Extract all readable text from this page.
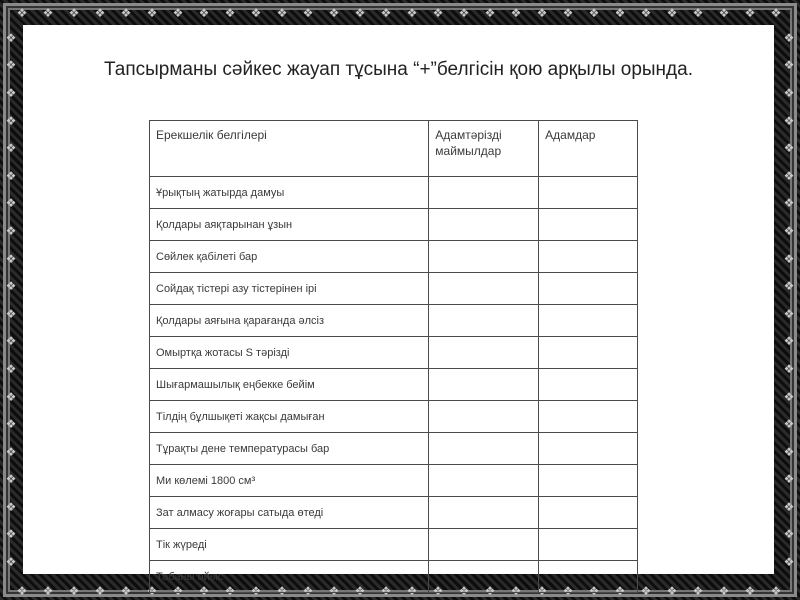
❖ ❖ ❖ ❖ ❖ ❖ ❖ ❖ ❖ ❖ ❖ ❖ ❖ ❖ ❖ ❖ ❖ ❖ ❖ ❖ ❖ ❖ ❖ ❖ ❖ ❖ ❖ ❖ ❖ ❖
❖ ❖ ❖ ❖ ❖ ❖ ❖ ❖ ❖ ❖ ❖ ❖ ❖ ❖ ❖ ❖ ❖ ❖ ❖ ❖ ❖ ❖ ❖ ❖ ❖ ❖ ❖ ❖ ❖ ❖
❖
❖
❖
❖
❖
❖
❖
❖
❖
❖
❖
❖
❖
❖
❖
❖
❖
❖
❖
❖
❖
❖
❖
❖
❖
❖
❖
❖
❖
❖
❖
❖
❖
❖
❖
❖
❖
❖
❖
❖
Тапсырманы сәйкес жауап тұсына “+”белгісін қою арқылы орында.
Ерекшелік белгілері	Адамтәрізді маймылдар	Адамдар
Ұрықтың жатырда дамуы		
Қолдары аяқтарынан ұзын		
Сөйлек қабілеті бар		
Сойдақ тістері азу тістерінен ірі		
Қолдары аяғына қарағанда әлсіз		
Омыртқа жотасы S тәрізді		
Шығармашылық еңбекке бейім		
Тілдің бұлшықеті жақсы дамыған		
Тұрақты дене температурасы бар		
Ми көлемі 1800 см³		
Зат алмасу жоғары сатыда өтеді		
Тік жүреді		
Табаны ойыс		
